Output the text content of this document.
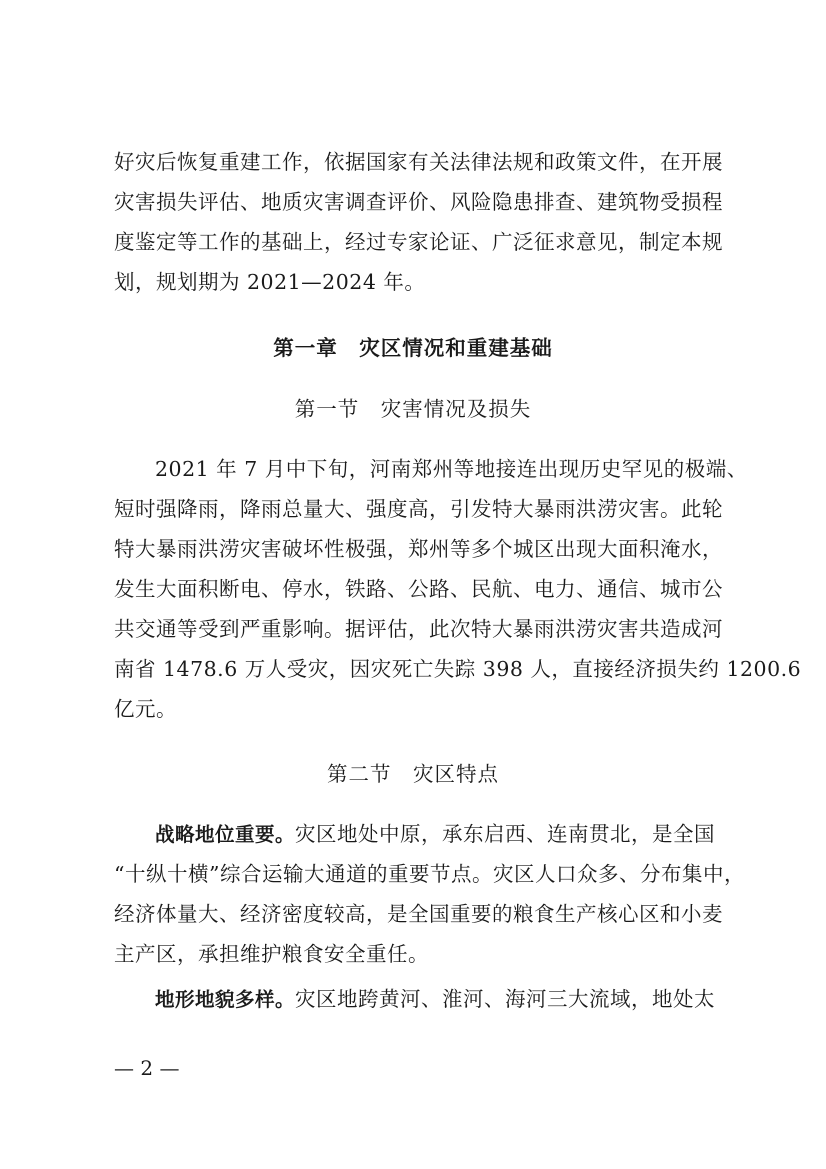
好灾后恢复重建工作，依据国家有关法律法规和政策文件，在开展
灾害损失评估、地质灾害调查评价、风险隐患排查、建筑物受损程
度鉴定等工作的基础上，经过专家论证、广泛征求意见，制定本规
划，规划期为 2021—2024 年。
第一章　灾区情况和重建基础
第一节　灾害情况及损失
2021 年 7 月中下旬，河南郑州等地接连出现历史罕见的极端、
短时强降雨，降雨总量大、强度高，引发特大暴雨洪涝灾害。此轮
特大暴雨洪涝灾害破坏性极强，郑州等多个城区出现大面积淹水，
发生大面积断电、停水，铁路、公路、民航、电力、通信、城市公
共交通等受到严重影响。据评估，此次特大暴雨洪涝灾害共造成河
南省 1478.6 万人受灾，因灾死亡失踪 398 人，直接经济损失约 1200.6
亿元。
第二节　灾区特点
战略地位重要。灾区地处中原，承东启西、连南贯北，是全国
“十纵十横”综合运输大通道的重要节点。灾区人口众多、分布集中，
经济体量大、经济密度较高，是全国重要的粮食生产核心区和小麦
主产区，承担维护粮食安全重任。
地形地貌多样。灾区地跨黄河、淮河、海河三大流域，地处太
— 2 —
